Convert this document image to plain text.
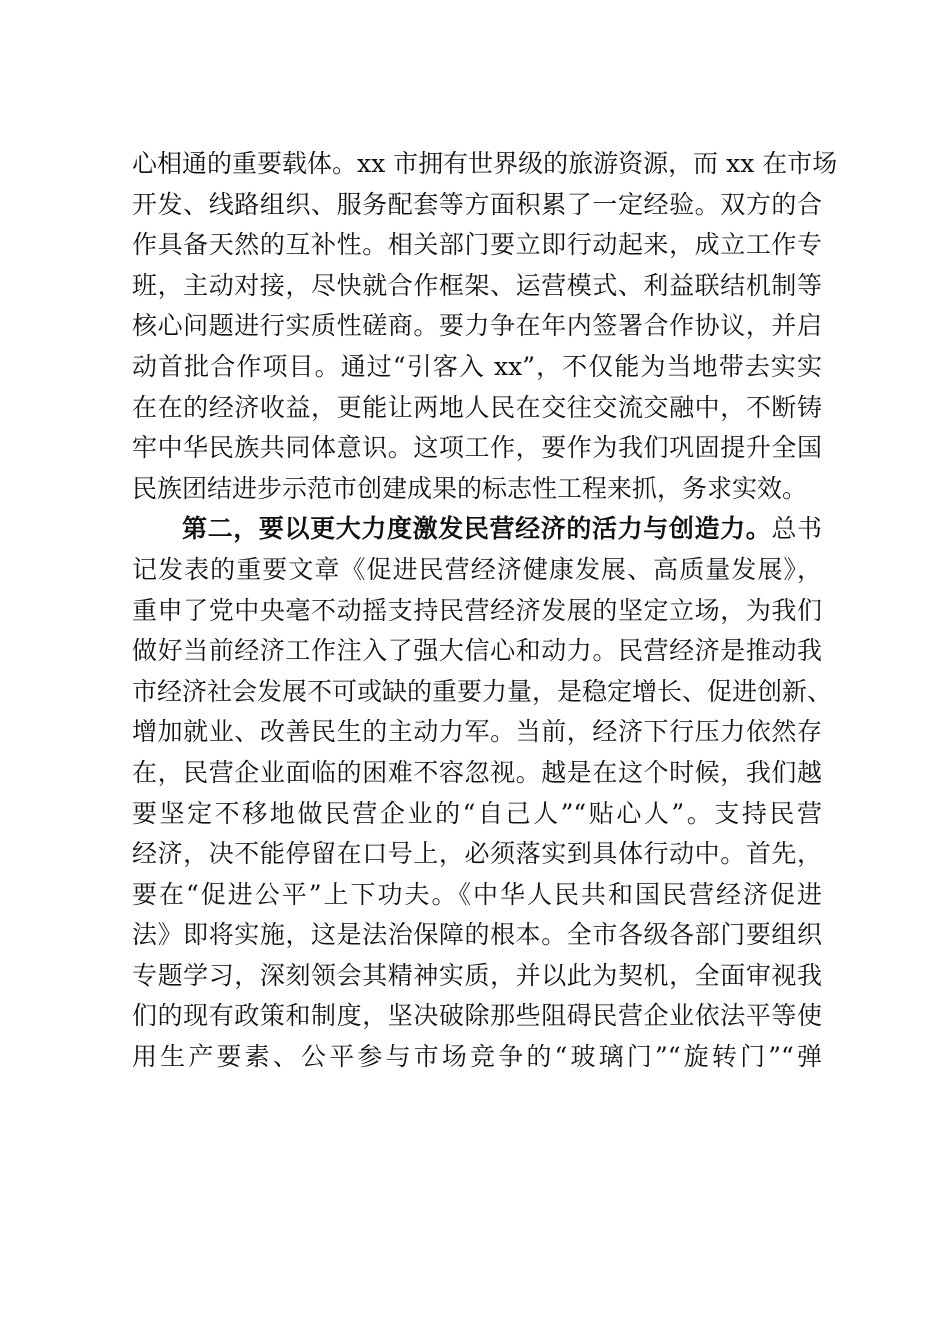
心相通的重要载体。xx 市拥有世界级的旅游资源，而 xx 在市场
开发、线路组织、服务配套等方面积累了一定经验。双方的合
作具备天然的互补性。相关部门要立即行动起来，成立工作专
班，主动对接，尽快就合作框架、运营模式、利益联结机制等
核心问题进行实质性磋商。要力争在年内签署合作协议，并启
动首批合作项目。通过“引客入 xx”，不仅能为当地带去实实
在在的经济收益，更能让两地人民在交往交流交融中，不断铸
牢中华民族共同体意识。这项工作，要作为我们巩固提升全国
民族团结进步示范市创建成果的标志性工程来抓，务求实效。
第二，要以更大力度激发民营经济的活力与创造力。总书
记发表的重要文章《促进民营经济健康发展、高质量发展》，
重申了党中央毫不动摇支持民营经济发展的坚定立场，为我们
做好当前经济工作注入了强大信心和动力。民营经济是推动我
市经济社会发展不可或缺的重要力量，是稳定增长、促进创新、
增加就业、改善民生的主动力军。当前，经济下行压力依然存
在，民营企业面临的困难不容忽视。越是在这个时候，我们越
要坚定不移地做民营企业的“自己人”“贴心人”。支持民营
经济，决不能停留在口号上，必须落实到具体行动中。首先，
要在“促进公平”上下功夫。《中华人民共和国民营经济促进
法》即将实施，这是法治保障的根本。全市各级各部门要组织
专题学习，深刻领会其精神实质，并以此为契机，全面审视我
们的现有政策和制度，坚决破除那些阻碍民营企业依法平等使
用生产要素、公平参与市场竞争的“玻璃门”“旋转门”“弹
